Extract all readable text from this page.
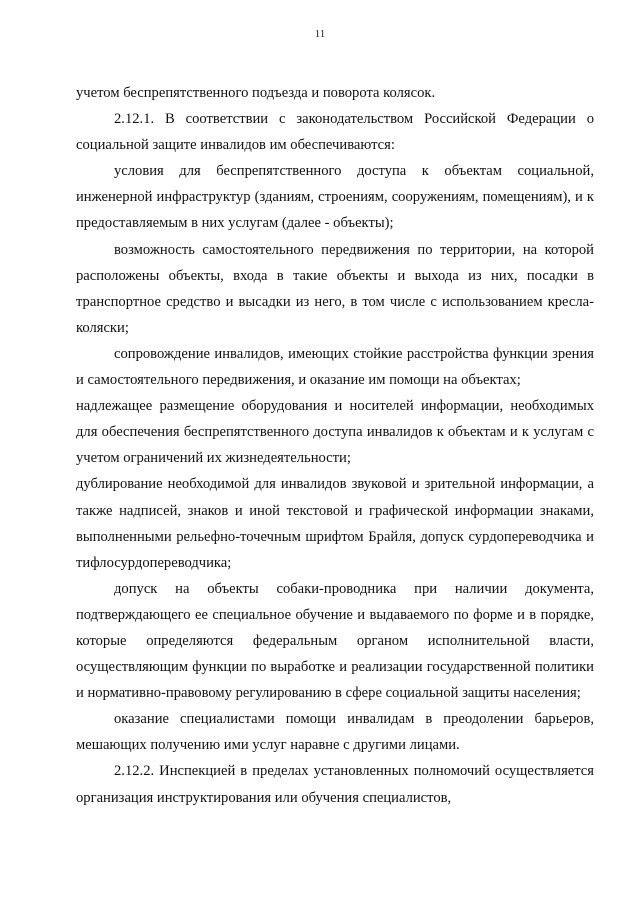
11

учетом беспрепятственного подъезда и поворота колясок.

2.12.1. В соответствии с законодательством Российской Федерации о социальной защите инвалидов им обеспечиваются:

условия для беспрепятственного доступа к объектам социальной, инженерной инфраструктур (зданиям, строениям, сооружениям, помещениям), и к предоставляемым в них услугам (далее - объекты);

возможность самостоятельного передвижения по территории, на которой расположены объекты, входа в такие объекты и выхода из них, посадки в транспортное средство и высадки из него, в том числе с использованием кресла-коляски;

сопровождение инвалидов, имеющих стойкие расстройства функции зрения и самостоятельного передвижения, и оказание им помощи на объектах;

надлежащее размещение оборудования и носителей информации, необходимых для обеспечения беспрепятственного доступа инвалидов к объектам и к услугам с учетом ограничений их жизнедеятельности;

дублирование необходимой для инвалидов звуковой и зрительной информации, а также надписей, знаков и иной текстовой и графической информации знаками, выполненными рельефно-точечным шрифтом Брайля, допуск сурдопереводчика и тифлосурдопереводчика;

допуск на объекты собаки-проводника при наличии документа, подтверждающего ее специальное обучение и выдаваемого по форме и в порядке, которые определяются федеральным органом исполнительной власти, осуществляющим функции по выработке и реализации государственной политики и нормативно-правовому регулированию в сфере социальной защиты населения;

оказание специалистами помощи инвалидам в преодолении барьеров, мешающих получению ими услуг наравне с другими лицами.

2.12.2. Инспекцией в пределах установленных полномочий осуществляется организация инструктирования или обучения специалистов,
